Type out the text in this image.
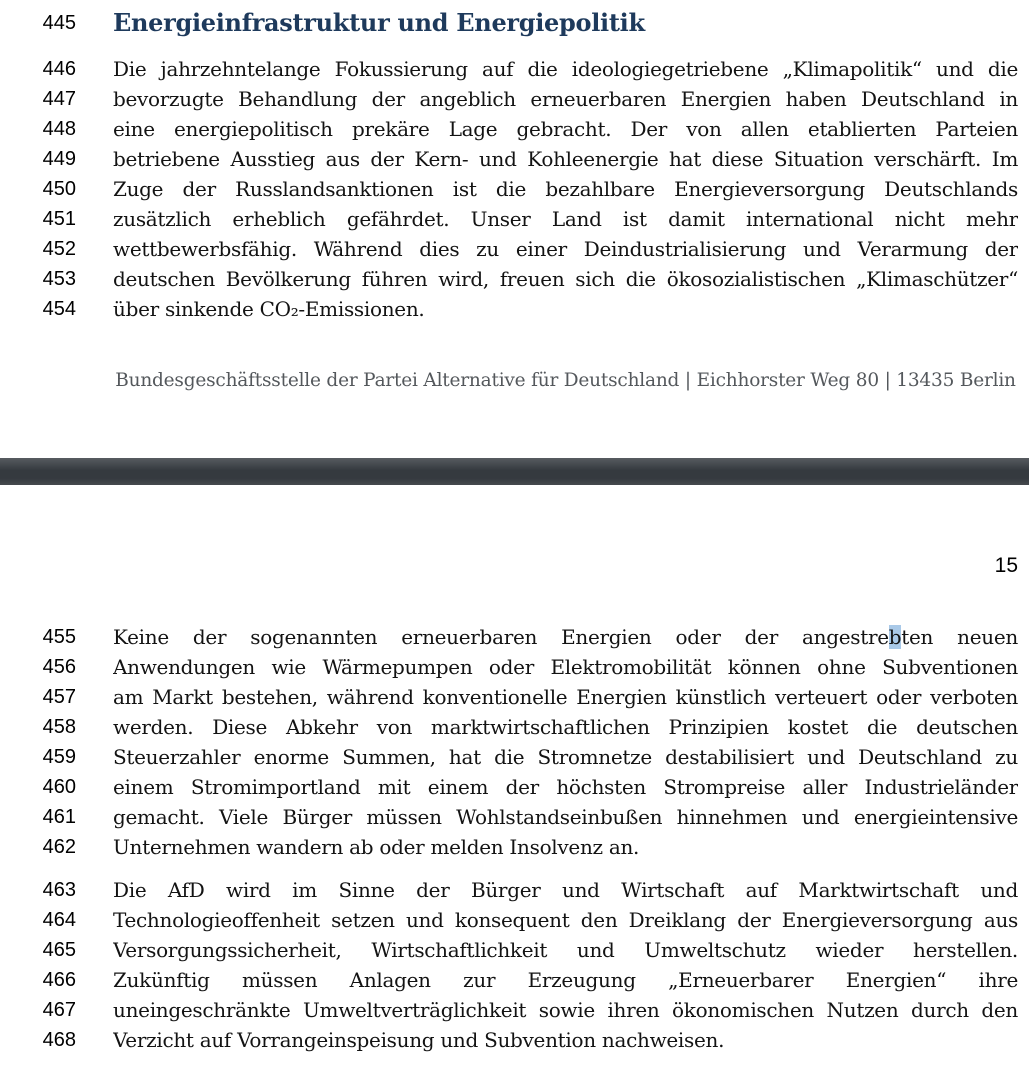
445 Energieinfrastruktur und Energiepolitik
446 Die jahrzehntelange Fokussierung auf die ideologiegetriebene „Klimapolitik“ und die
447 bevorzugte Behandlung der angeblich erneuerbaren Energien haben Deutschland in
448 eine energiepolitisch prekäre Lage gebracht. Der von allen etablierten Parteien
449 betriebene Ausstieg aus der Kern- und Kohleenergie hat diese Situation verschärft. Im
450 Zuge der Russlandsanktionen ist die bezahlbare Energieversorgung Deutschlands
451 zusätzlich erheblich gefährdet. Unser Land ist damit international nicht mehr
452 wettbewerbsfähig. Während dies zu einer Deindustrialisierung und Verarmung der
453 deutschen Bevölkerung führen wird, freuen sich die ökosozialistischen „Klimaschützer“
454 über sinkende CO₂-Emissionen.
Bundesgeschäftsstelle der Partei Alternative für Deutschland | Eichhorster Weg 80 | 13435 Berlin
15
455 Keine der sogenannten erneuerbaren Energien oder der angestrebten neuen
456 Anwendungen wie Wärmepumpen oder Elektromobilität können ohne Subventionen
457 am Markt bestehen, während konventionelle Energien künstlich verteuert oder verboten
458 werden. Diese Abkehr von marktwirtschaftlichen Prinzipien kostet die deutschen
459 Steuerzahler enorme Summen, hat die Stromnetze destabilisiert und Deutschland zu
460 einem Stromimportland mit einem der höchsten Strompreise aller Industrieländer
461 gemacht. Viele Bürger müssen Wohlstandseinbußen hinnehmen und energieintensive
462 Unternehmen wandern ab oder melden Insolvenz an.
463 Die AfD wird im Sinne der Bürger und Wirtschaft auf Marktwirtschaft und
464 Technologieoffenheit setzen und konsequent den Dreiklang der Energieversorgung aus
465 Versorgungssicherheit, Wirtschaftlichkeit und Umweltschutz wieder herstellen.
466 Zukünftig müssen Anlagen zur Erzeugung „Erneuerbarer Energien“ ihre
467 uneingeschränkte Umweltverträglichkeit sowie ihren ökonomischen Nutzen durch den
468 Verzicht auf Vorrangeinspeisung und Subvention nachweisen.
